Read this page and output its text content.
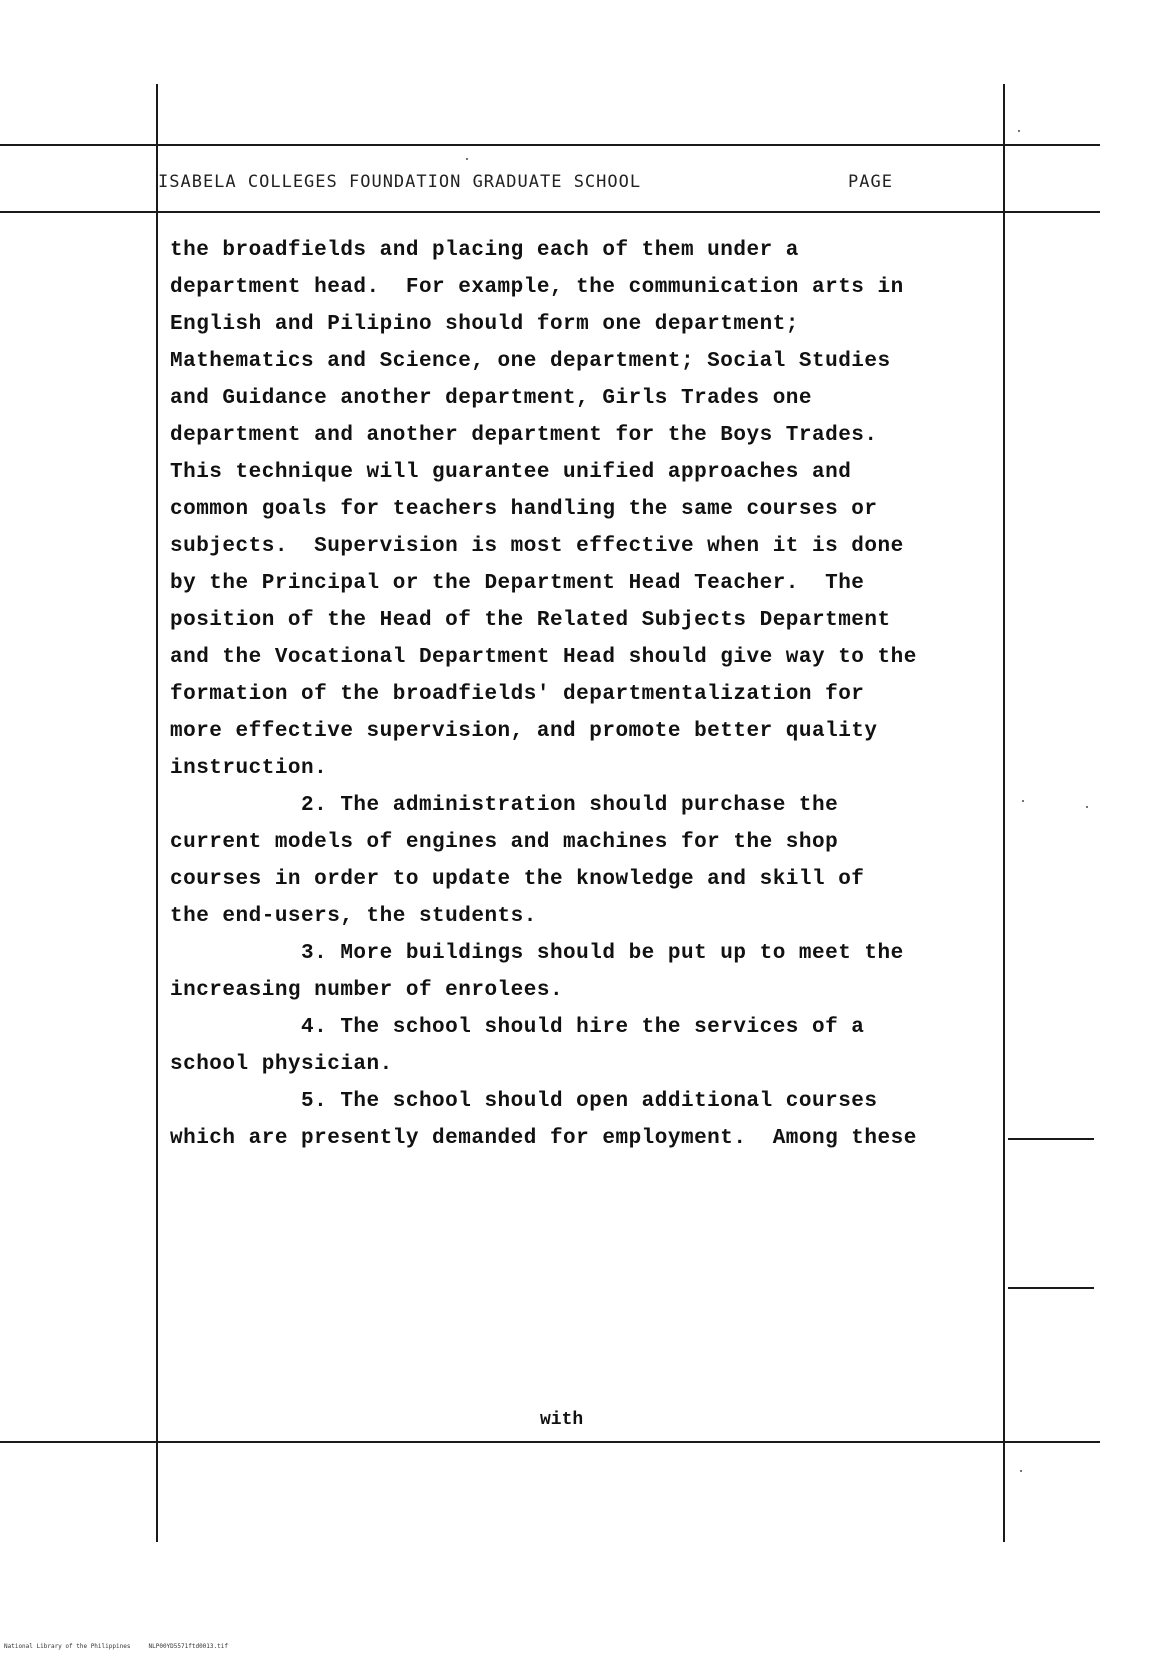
ISABELA COLLEGES FOUNDATION GRADUATE SCHOOL	PAGE
the broadfields and placing each of them under a
department head.  For example, the communication arts in
English and Pilipino should form one department;
Mathematics and Science, one department; Social Studies
and Guidance another department, Girls Trades one
department and another department for the Boys Trades.
This technique will guarantee unified approaches and
common goals for teachers handling the same courses or
subjects.  Supervision is most effective when it is done
by the Principal or the Department Head Teacher.  The
position of the Head of the Related Subjects Department
and the Vocational Department Head should give way to the
formation of the broadfields' departmentalization for
more effective supervision, and promote better quality
instruction.
2. The administration should purchase the
current models of engines and machines for the shop
courses in order to update the knowledge and skill of
the end-users, the students.
3. More buildings should be put up to meet the
increasing number of enrolees.
4. The school should hire the services of a
school physician.
5. The school should open additional courses
which are presently demanded for employment.  Among these
with
National Library of the Philippines	NLP00YD5571ftd0013.tif
